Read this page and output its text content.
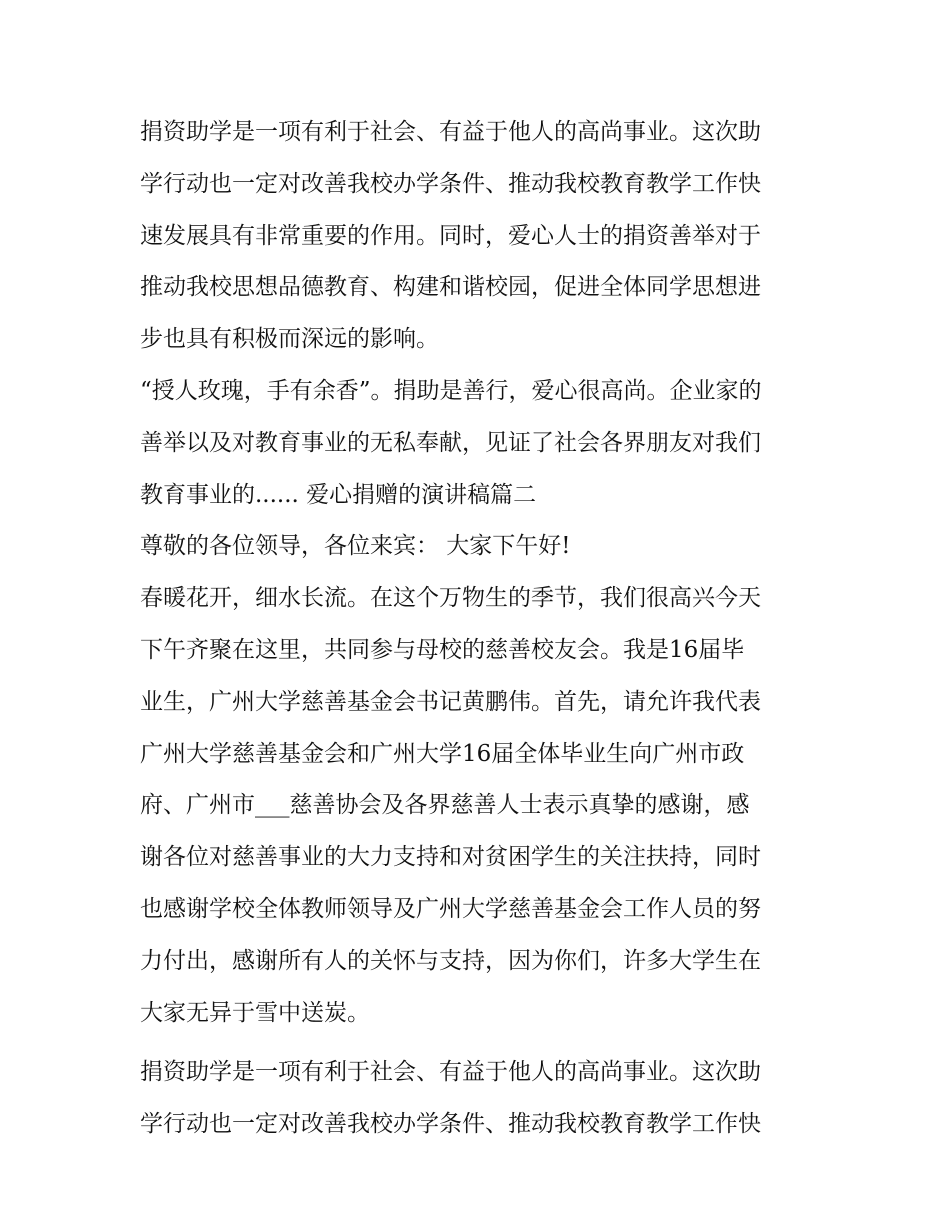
捐资助学是一项有利于社会、有益于他人的高尚事业。这次助
学行动也一定对改善我校办学条件、推动我校教育教学工作快
速发展具有非常重要的作用。同时，爱心人士的捐资善举对于
推动我校思想品德教育、构建和谐校园，促进全体同学思想进
步也具有积极而深远的影响。
“授人玫瑰，手有余香”。捐助是善行，爱心很高尚。企业家的
善举以及对教育事业的无私奉献，见证了社会各界朋友对我们
教育事业的...... 爱心捐赠的演讲稿篇二
尊敬的各位领导，各位来宾： 大家下午好!
春暖花开，细水长流。在这个万物生的季节，我们很高兴今天
下午齐聚在这里，共同参与母校的慈善校友会。我是16届毕
业生，广州大学慈善基金会书记黄鹏伟。首先，请允许我代表
广州大学慈善基金会和广州大学16届全体毕业生向广州市政
府、广州市___慈善协会及各界慈善人士表示真挚的感谢，感
谢各位对慈善事业的大力支持和对贫困学生的关注扶持，同时
也感谢学校全体教师领导及广州大学慈善基金会工作人员的努
力付出，感谢所有人的关怀与支持，因为你们，许多大学生在
大家无异于雪中送炭。
捐资助学是一项有利于社会、有益于他人的高尚事业。这次助
学行动也一定对改善我校办学条件、推动我校教育教学工作快
